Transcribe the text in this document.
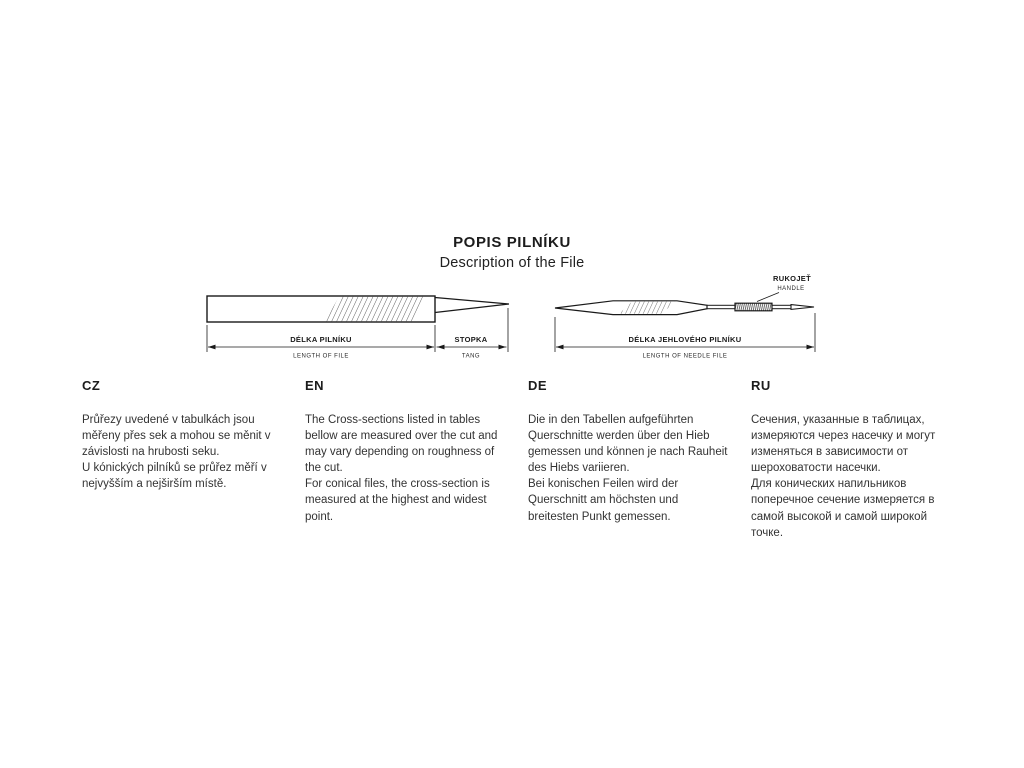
POPIS PILNÍKU
Description of the File
DÉLKA PILNÍKU
LENGTH OF FILE
STOPKA
TANG
RUKOJEŤ
HANDLE
DÉLKA JEHLOVÉHO PILNÍKU
LENGTH OF NEEDLE FILE
CZ

Průřezy uvedené v tabulkách jsou měřeny přes sek a mohou se měnit v závislosti na hrubosti seku.

U kónických pilníků se průřez měří v nejvyšším a nejširším místě.

EN

The Cross-sections listed in tables bellow are measured over the cut and may vary depending on roughness of the cut.

For conical files, the cross-section is measured at the highest and widest point.

DE

Die in den Tabellen aufgeführten Querschnitte werden über den Hieb gemessen und können je nach Rauheit des Hiebs variieren.

Bei konischen Feilen wird der Querschnitt am höchsten und breitesten Punkt gemessen.

RU

Сечения, указанные в таблицах, измеряются через насечку и могут изменяться в зависимости от шероховатости насечки.

Для конических напильников поперечное сечение измеряется в самой высокой и самой широкой точке.
